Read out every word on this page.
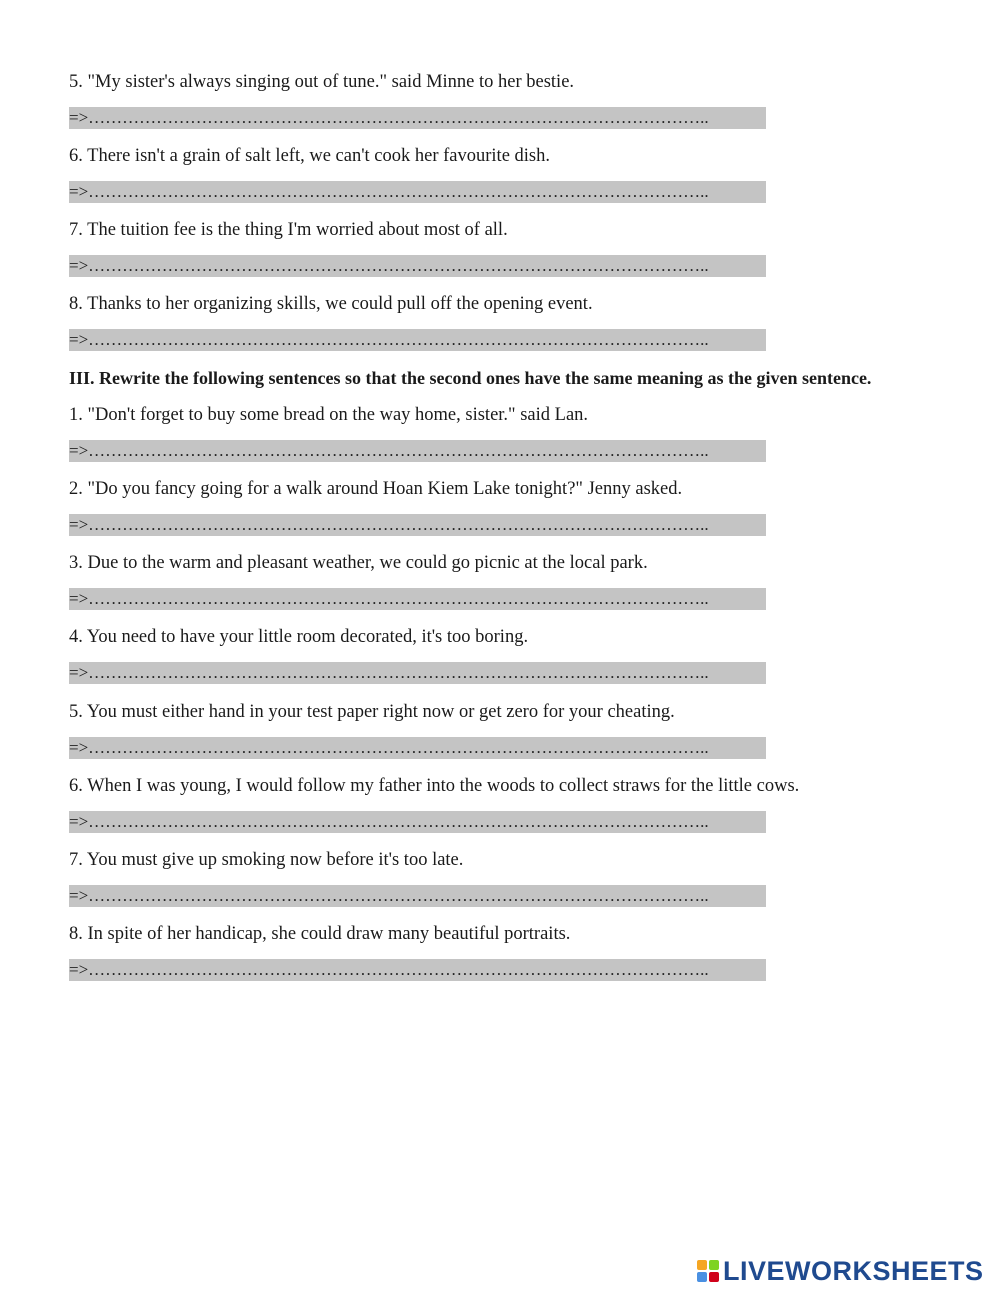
5. "My sister's always singing out of tune." said Minne to her bestie.
=>………………………………………………………………………………………………..
6. There isn't a grain of salt left, we can't cook her favourite dish.
=>………………………………………………………………………………………………..
7. The tuition fee is the thing I'm worried about most of all.
=>………………………………………………………………………………………………..
8. Thanks to her organizing skills, we could pull off the opening event.
=>………………………………………………………………………………………………..
III. Rewrite the following sentences so that the second ones have the same meaning as the given sentence.
1. "Don't forget to buy some bread on the way home, sister." said Lan.
=>………………………………………………………………………………………………..
2. "Do you fancy going for a walk around Hoan Kiem Lake tonight?" Jenny asked.
=>………………………………………………………………………………………………..
3. Due to the warm and pleasant weather, we could go picnic at the local park.
=>………………………………………………………………………………………………..
4. You need to have your little room decorated, it's too boring.
=>………………………………………………………………………………………………..
5. You must either hand in your test paper right now or get zero for your cheating.
=>………………………………………………………………………………………………..
6. When I was young, I would follow my father into the woods to collect straws for the little cows.
=>………………………………………………………………………………………………..
7. You must give up smoking now before it's too late.
=>………………………………………………………………………………………………..
8. In spite of her handicap, she could draw many beautiful portraits.
=>………………………………………………………………………………………………..
LIVEWORKSHEETS
